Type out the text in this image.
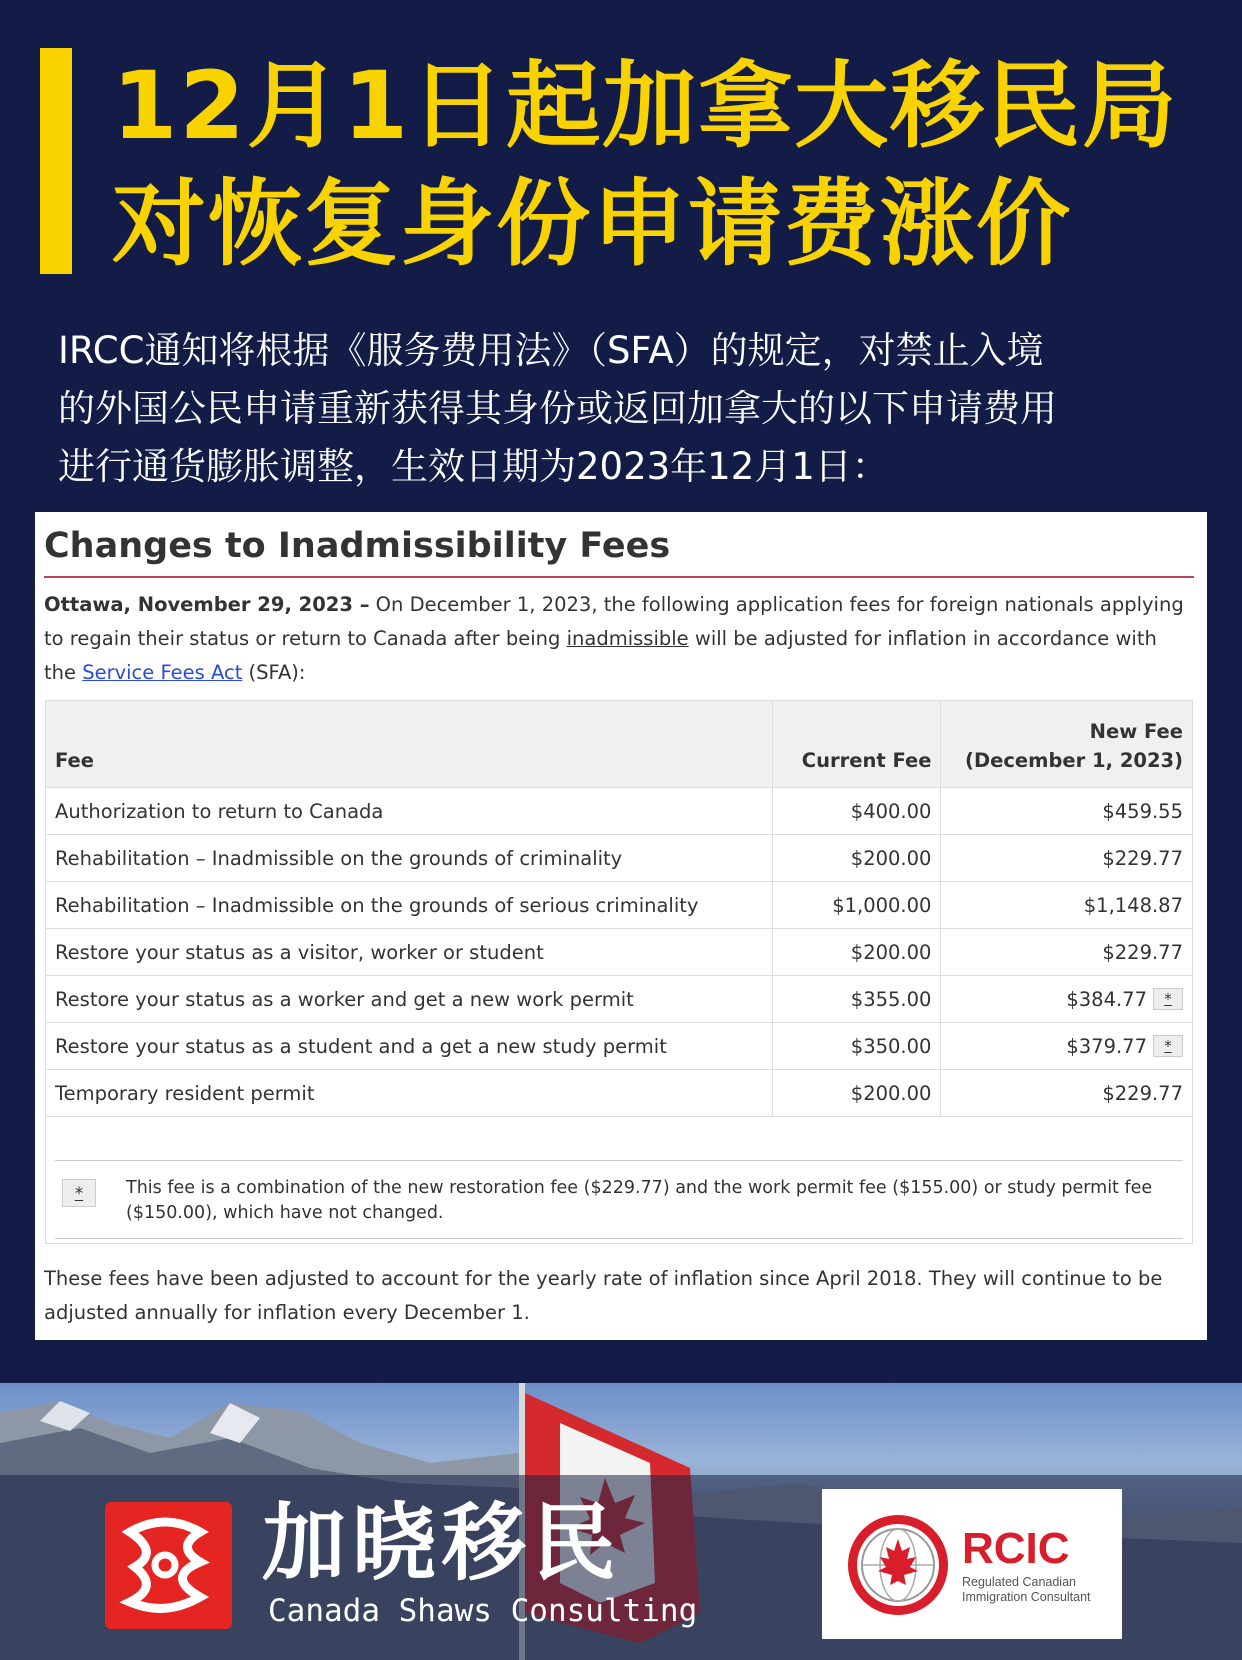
12月1日起加拿大移民局
对恢复身份申请费涨价
IRCC通知将根据《服务费用法》（SFA）的规定，对禁止入境
的外国公民申请重新获得其身份或返回加拿大的以下申请费用
进行通货膨胀调整，生效日期为2023年12月1日：
Changes to Inadmissibility Fees
Ottawa, November 29, 2023 – On December 1, 2023, the following application fees for foreign nationals applying to regain their status or return to Canada after being inadmissible will be adjusted for inflation in accordance with the Service Fees Act (SFA):
Fee	Current Fee	New Fee
(December 1, 2023)

Authorization to return to Canada	$400.00	$459.55
Rehabilitation – Inadmissible on the grounds of criminality	$200.00	$229.77
Rehabilitation – Inadmissible on the grounds of serious criminality	$1,000.00	$1,148.87
Restore your status as a visitor, worker or student	$200.00	$229.77
Restore your status as a worker and get a new work permit	$355.00	$384.77 *
Restore your status as a student and a get a new study permit	$350.00	$379.77 *
Temporary resident permit	$200.00	$229.77
*	This fee is a combination of the new restoration fee ($229.77) and the work permit fee ($155.00) or study permit fee ($150.00), which have not changed.
These fees have been adjusted to account for the yearly rate of inflation since April 2018. They will continue to be adjusted annually for inflation every December 1.
加晓移民
Canada Shaws Consulting
RCIC
Regulated Canadian
Immigration Consultant
